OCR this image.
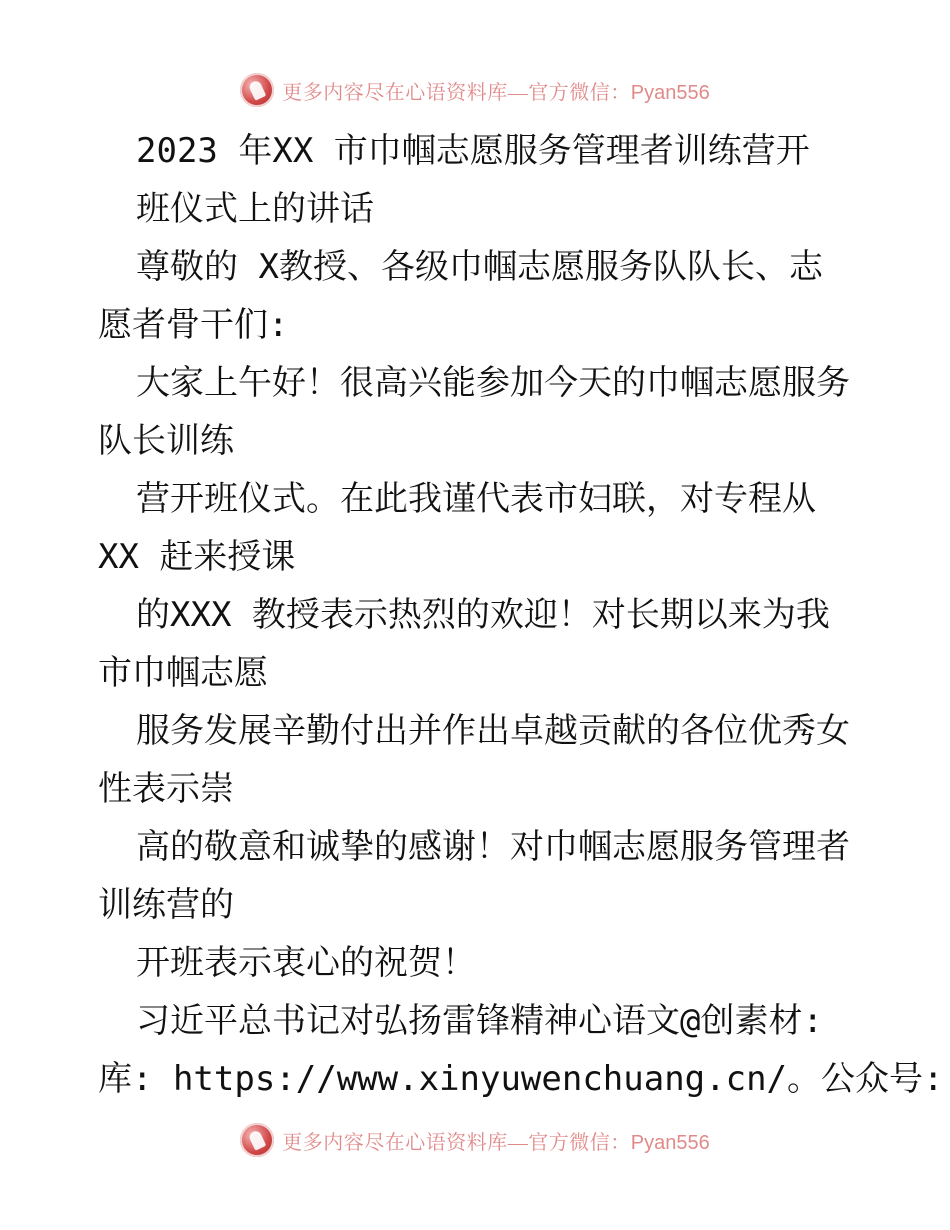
更多内容尽在心语资料库—官方微信：Pyan556
2023 年XX 市巾帼志愿服务管理者训练营开
班仪式上的讲话
尊敬的 X教授、各级巾帼志愿服务队队长、志
愿者骨干们:
大家上午好！很高兴能参加今天的巾帼志愿服务
队长训练
营开班仪式。在此我谨代表市妇联，对专程从
XX 赶来授课
的XXX 教授表示热烈的欢迎！对长期以来为我
市巾帼志愿
服务发展辛勤付出并作出卓越贡献的各位优秀女
性表示崇
高的敬意和诚挚的感谢！对巾帼志愿服务管理者
训练营的
开班表示衷心的祝贺！
习近平总书记对弘扬雷锋精神心语文@创素材:
库: https://www.xinyuwenchuang.cn/。公众号:
更多内容尽在心语资料库—官方微信：Pyan556
